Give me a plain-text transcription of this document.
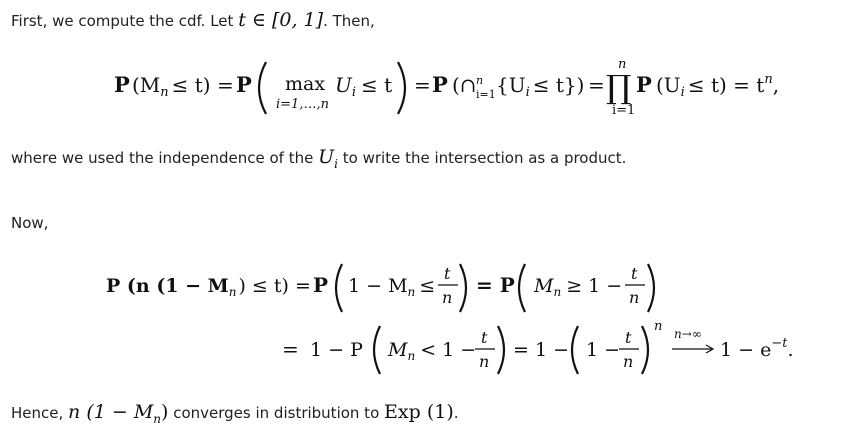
First, we compute the cdf. Let t ∈ [0, 1]. Then,
P $(M_n \le t) = P$ max
i=1,…,n
$U_i \le t = P$ (∩ n
i=1 $\{U_i \le t\}$) =
n
∏
i=1
P $(U_i \le t) = t^n$,
where we used the independence of the $U_i$ to write the intersection as a product.
Now,
P (n ($1 - M_n$ ) ≤ t) = P $1 - M_n$ ≤
t
n
= P $M_n \ge 1$ −
t
n
= 1 − P $M_n < 1$ −
t
n
= 1 − 1 −
t
n
n n→∞
$1 - e^{-t}$.
Hence, n $(1 - M_n)$ converges in distribution to Exp (1).
